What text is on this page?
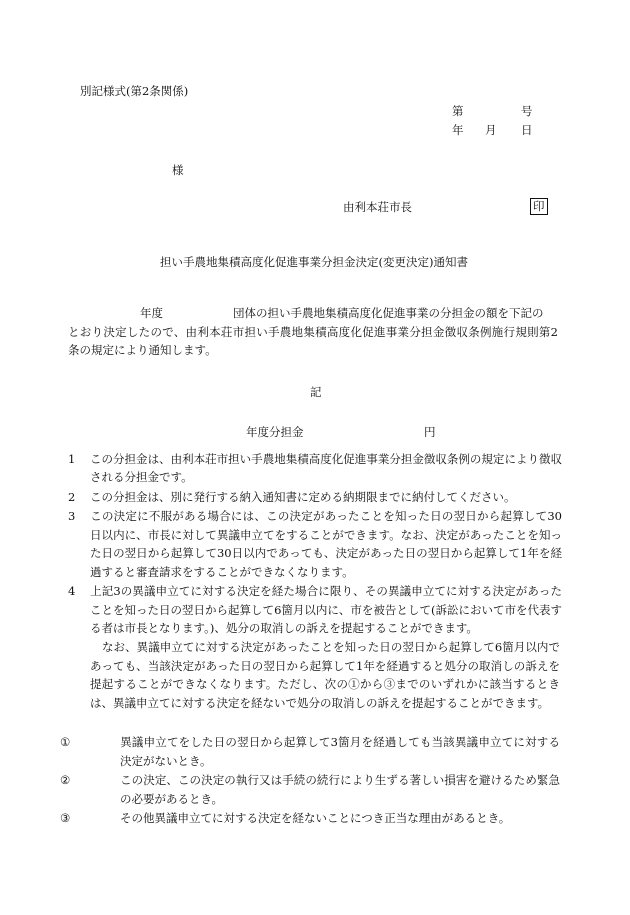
別記様式(第2条関係)
第	号
年 月 日
様
由利本荘市長	印
担い手農地集積高度化促進事業分担金決定(変更決定)通知書
年度	団体の担い手農地集積高度化促進事業の分担金の額を下記の
とおり決定したので、由利本荘市担い手農地集積高度化促進事業分担金徴収条例施行規則第2条の規定により通知します。
記
年度分担金	円
1 この分担金は、由利本荘市担い手農地集積高度化促進事業分担金徴収条例の規定により徴収される分担金です。
2 この分担金は、別に発行する納入通知書に定める納期限までに納付してください。
3 この決定に不服がある場合には、この決定があったことを知った日の翌日から起算して30日以内に、市長に対して異議申立てをすることができます。なお、決定があったことを知った日の翌日から起算して30日以内であっても、決定があった日の翌日から起算して1年を経過すると審査請求をすることができなくなります。
4 上記3の異議申立てに対する決定を経た場合に限り、その異議申立てに対する決定があったことを知った日の翌日から起算して6箇月以内に、市を被告として(訴訟において市を代表する者は市長となります。)、処分の取消しの訴えを提起することができます。
なお、異議申立てに対する決定があったことを知った日の翌日から起算して6箇月以内であっても、当該決定があった日の翌日から起算して1年を経過すると処分の取消しの訴えを提起することができなくなります。ただし、次の①から③までのいずれかに該当するときは、異議申立てに対する決定を経ないで処分の取消しの訴えを提起することができます。
①	異議申立てをした日の翌日から起算して3箇月を経過しても当該異議申立てに対する決定がないとき。
②	この決定、この決定の執行又は手続の続行により生ずる著しい損害を避けるため緊急の必要があるとき。
③	その他異議申立てに対する決定を経ないことにつき正当な理由があるとき。
